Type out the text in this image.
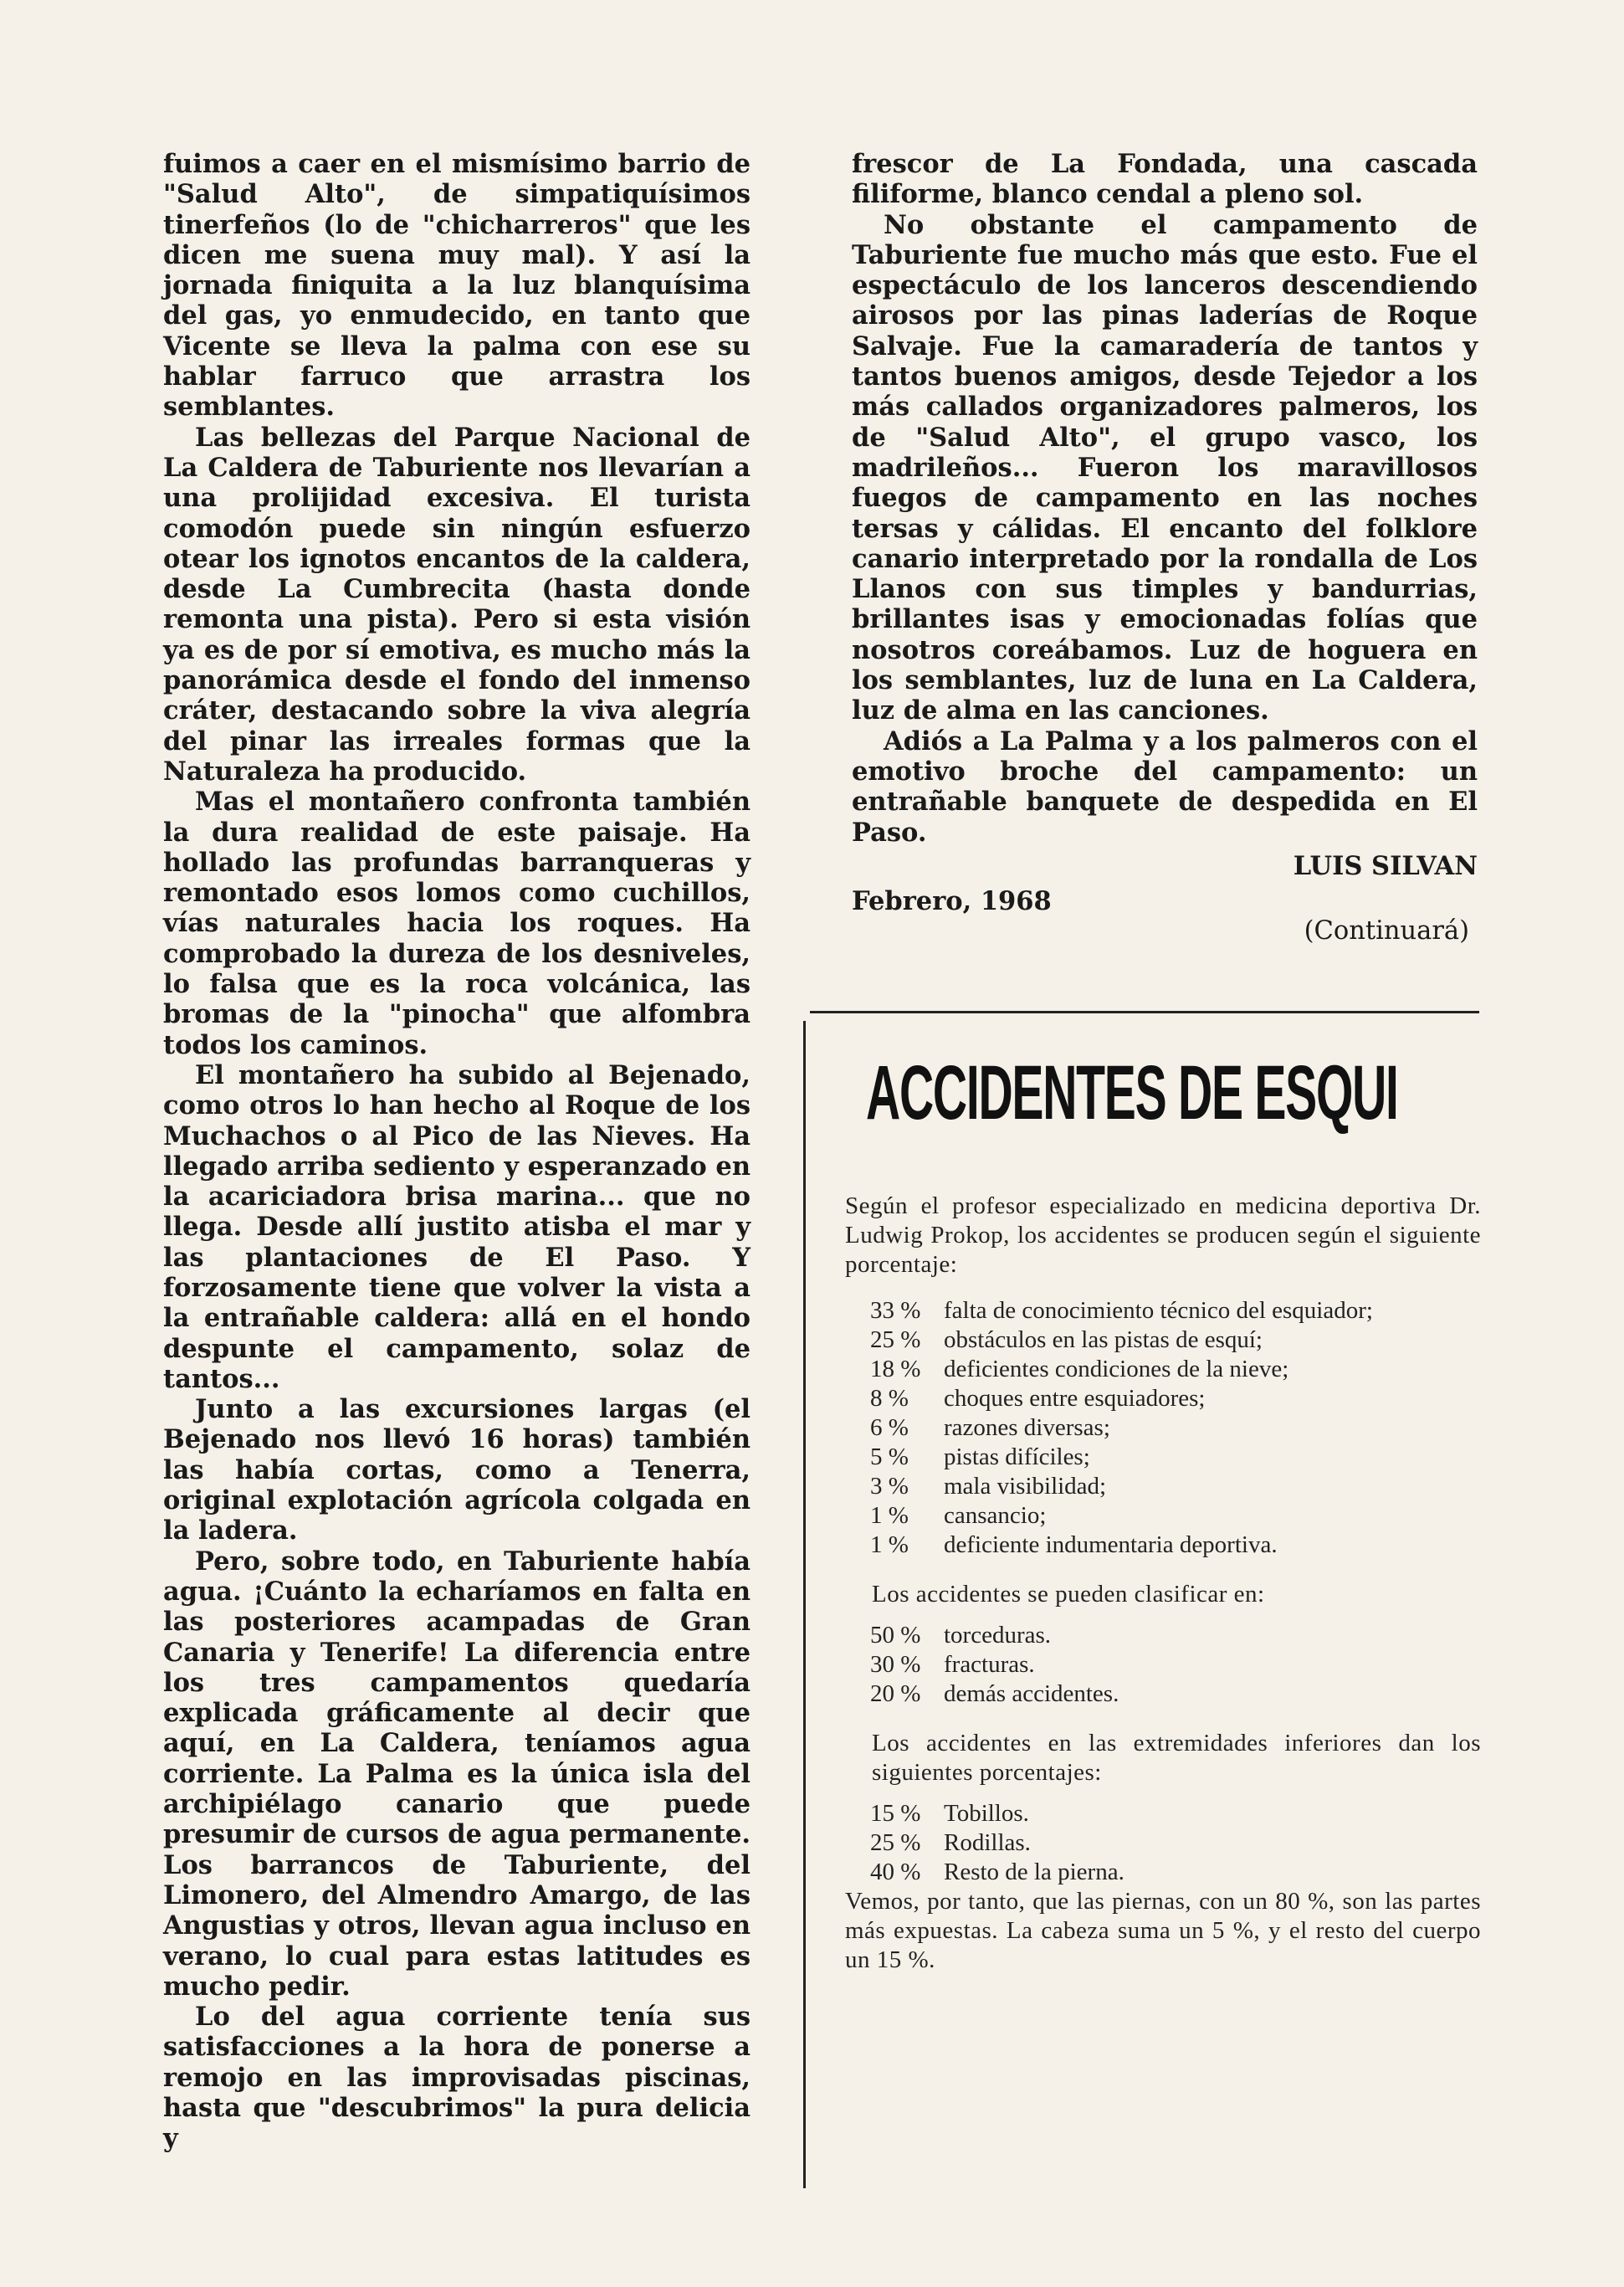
fuimos a caer en el mismísimo barrio de "Salud Alto", de simpatiquísimos tinerfeños (lo de "chicharreros" que les dicen me suena muy mal). Y así la jornada finiquita a la luz blanquísima del gas, yo enmudecido, en tanto que Vicente se lleva la palma con ese su hablar farruco que arrastra los semblantes.

Las bellezas del Parque Nacional de La Caldera de Taburiente nos llevarían a una prolijidad excesiva. El turista comodón puede sin ningún esfuerzo otear los ignotos encantos de la caldera, desde La Cumbrecita (hasta donde remonta una pista). Pero si esta visión ya es de por sí emotiva, es mucho más la panorámica desde el fondo del inmenso cráter, destacando sobre la viva alegría del pinar las irreales formas que la Naturaleza ha producido.

Mas el montañero confronta también la dura realidad de este paisaje. Ha hollado las profundas barranqueras y remontado esos lomos como cuchillos, vías naturales hacia los roques. Ha comprobado la dureza de los desniveles, lo falsa que es la roca volcánica, las bromas de la "pinocha" que alfombra todos los caminos.

El montañero ha subido al Bejenado, como otros lo han hecho al Roque de los Muchachos o al Pico de las Nieves. Ha llegado arriba sediento y esperanzado en la acariciadora brisa marina... que no llega. Desde allí justito atisba el mar y las plantaciones de El Paso. Y forzosamente tiene que volver la vista a la entrañable caldera: allá en el hondo despunte el campamento, solaz de tantos...

Junto a las excursiones largas (el Bejenado nos llevó 16 horas) también las había cortas, como a Tenerra, original explotación agrícola colgada en la ladera.

Pero, sobre todo, en Taburiente había agua. ¡Cuánto la echaríamos en falta en las posteriores acampadas de Gran Canaria y Tenerife! La diferencia entre los tres campamentos quedaría explicada gráficamente al decir que aquí, en La Caldera, teníamos agua corriente. La Palma es la única isla del archipiélago canario que puede presumir de cursos de agua permanente. Los barrancos de Taburiente, del Limonero, del Almendro Amargo, de las Angustias y otros, llevan agua incluso en verano, lo cual para estas latitudes es mucho pedir.

Lo del agua corriente tenía sus satisfacciones a la hora de ponerse a remojo en las improvisadas piscinas, hasta que "descubrimos" la pura delicia y

frescor de La Fondada, una cascada filiforme, blanco cendal a pleno sol.

No obstante el campamento de Taburiente fue mucho más que esto. Fue el espectáculo de los lanceros descendiendo airosos por las pinas laderías de Roque Salvaje. Fue la camaradería de tantos y tantos buenos amigos, desde Tejedor a los más callados organizadores palmeros, los de "Salud Alto", el grupo vasco, los madrileños... Fueron los maravillosos fuegos de campamento en las noches tersas y cálidas. El encanto del folklore canario interpretado por la rondalla de Los Llanos con sus timples y bandurrias, brillantes isas y emocionadas folías que nosotros coreábamos. Luz de hoguera en los semblantes, luz de luna en La Caldera, luz de alma en las canciones.

Adiós a La Palma y a los palmeros con el emotivo broche del campamento: un entrañable banquete de despedida en El Paso.

LUIS SILVAN

Febrero, 1968

(Continuará)

ACCIDENTES DE ESQUI

Según el profesor especializado en medicina deportiva Dr. Ludwig Prokop, los accidentes se producen según el siguiente porcentaje:

33 % falta de conocimiento técnico del esquiador;
25 % obstáculos en las pistas de esquí;
18 % deficientes condiciones de la nieve;
8 %	choques entre esquiadores;
6 %	razones diversas;
5 %	pistas difíciles;
3 %	mala visibilidad;
1 %	cansancio;
1 %	deficiente indumentaria deportiva.

Los accidentes se pueden clasificar en:

50 % torceduras.
30 % fracturas.
20 % demás accidentes.

Los accidentes en las extremidades inferiores dan los siguientes porcentajes:

15 % Tobillos.
25 % Rodillas.
40 % Resto de la pierna.

Vemos, por tanto, que las piernas, con un 80 %, son las partes más expuestas. La cabeza suma un 5 %, y el resto del cuerpo un 15 %.
